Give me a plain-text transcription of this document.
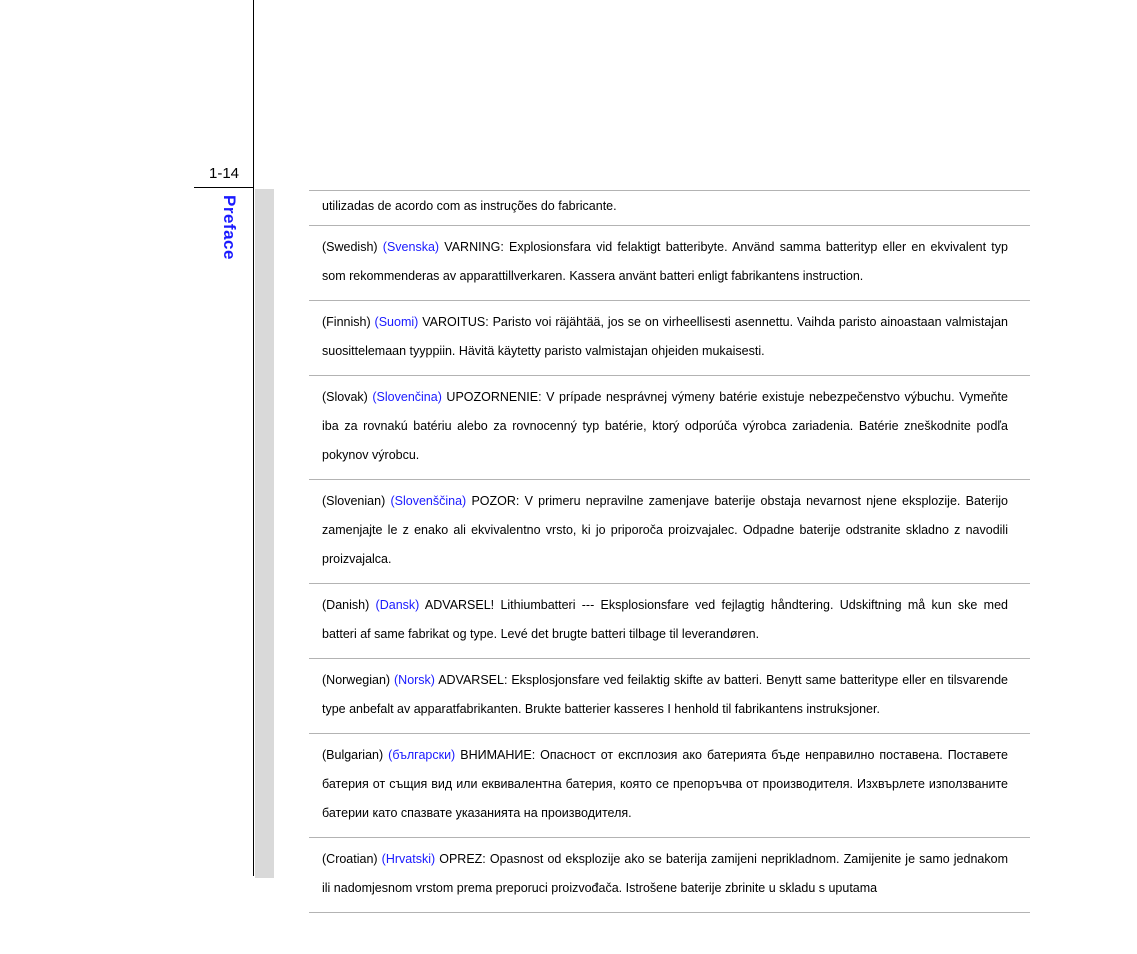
1-14
Preface	utilizadas de acordo com as instruções do fabricante.
(Swedish) (Svenska) VARNING: Explosionsfara vid felaktigt batteribyte. Använd samma batterityp eller en ekvivalent typ som rekommenderas av apparattillverkaren. Kassera använt batteri enligt fabrikantens instruction.
(Finnish) (Suomi) VAROITUS: Paristo voi räjähtää, jos se on virheellisesti asennettu. Vaihda paristo ainoastaan valmistajan suosittelemaan tyyppiin. Hävitä käytetty paristo valmistajan ohjeiden mukaisesti.
(Slovak) (Slovenčina) UPOZORNENIE: V prípade nesprávnej výmeny batérie existuje nebezpečenstvo výbuchu. Vymeňte iba za rovnakú batériu alebo za rovnocenný typ batérie, ktorý odporúča výrobca zariadenia. Batérie zneškodnite podľa pokynov výrobcu.
(Slovenian) (Slovenščina) POZOR: V primeru nepravilne zamenjave baterije obstaja nevarnost njene eksplozije. Baterijo zamenjajte le z enako ali ekvivalentno vrsto, ki jo priporoča proizvajalec. Odpadne baterije odstranite skladno z navodili proizvajalca.
(Danish) (Dansk) ADVARSEL! Lithiumbatteri --- Eksplosionsfare ved fejlagtig håndtering. Udskiftning må kun ske med batteri af same fabrikat og type. Levé det brugte batteri tilbage til leverandøren.
(Norwegian) (Norsk) ADVARSEL: Eksplosjonsfare ved feilaktig skifte av batteri. Benytt same batteritype eller en tilsvarende type anbefalt av apparatfabrikanten. Brukte batterier kasseres I henhold til fabrikantens instruksjoner.
(Bulgarian) (български) ВНИМАНИЕ: Опасност от експлозия ако батерията бъде неправилно поставена. Поставете батерия от същия вид или еквивалентна батерия, която се препоръчва от производителя. Изхвърлете използваните батерии като спазвате указанията на производителя.
(Croatian) (Hrvatski) OPREZ: Opasnost od eksplozije ako se baterija zamijeni neprikladnom. Zamijenite je samo jednakom ili nadomjesnom vrstom prema preporuci proizvođača. Istrošene baterije zbrinite u skladu s uputama
